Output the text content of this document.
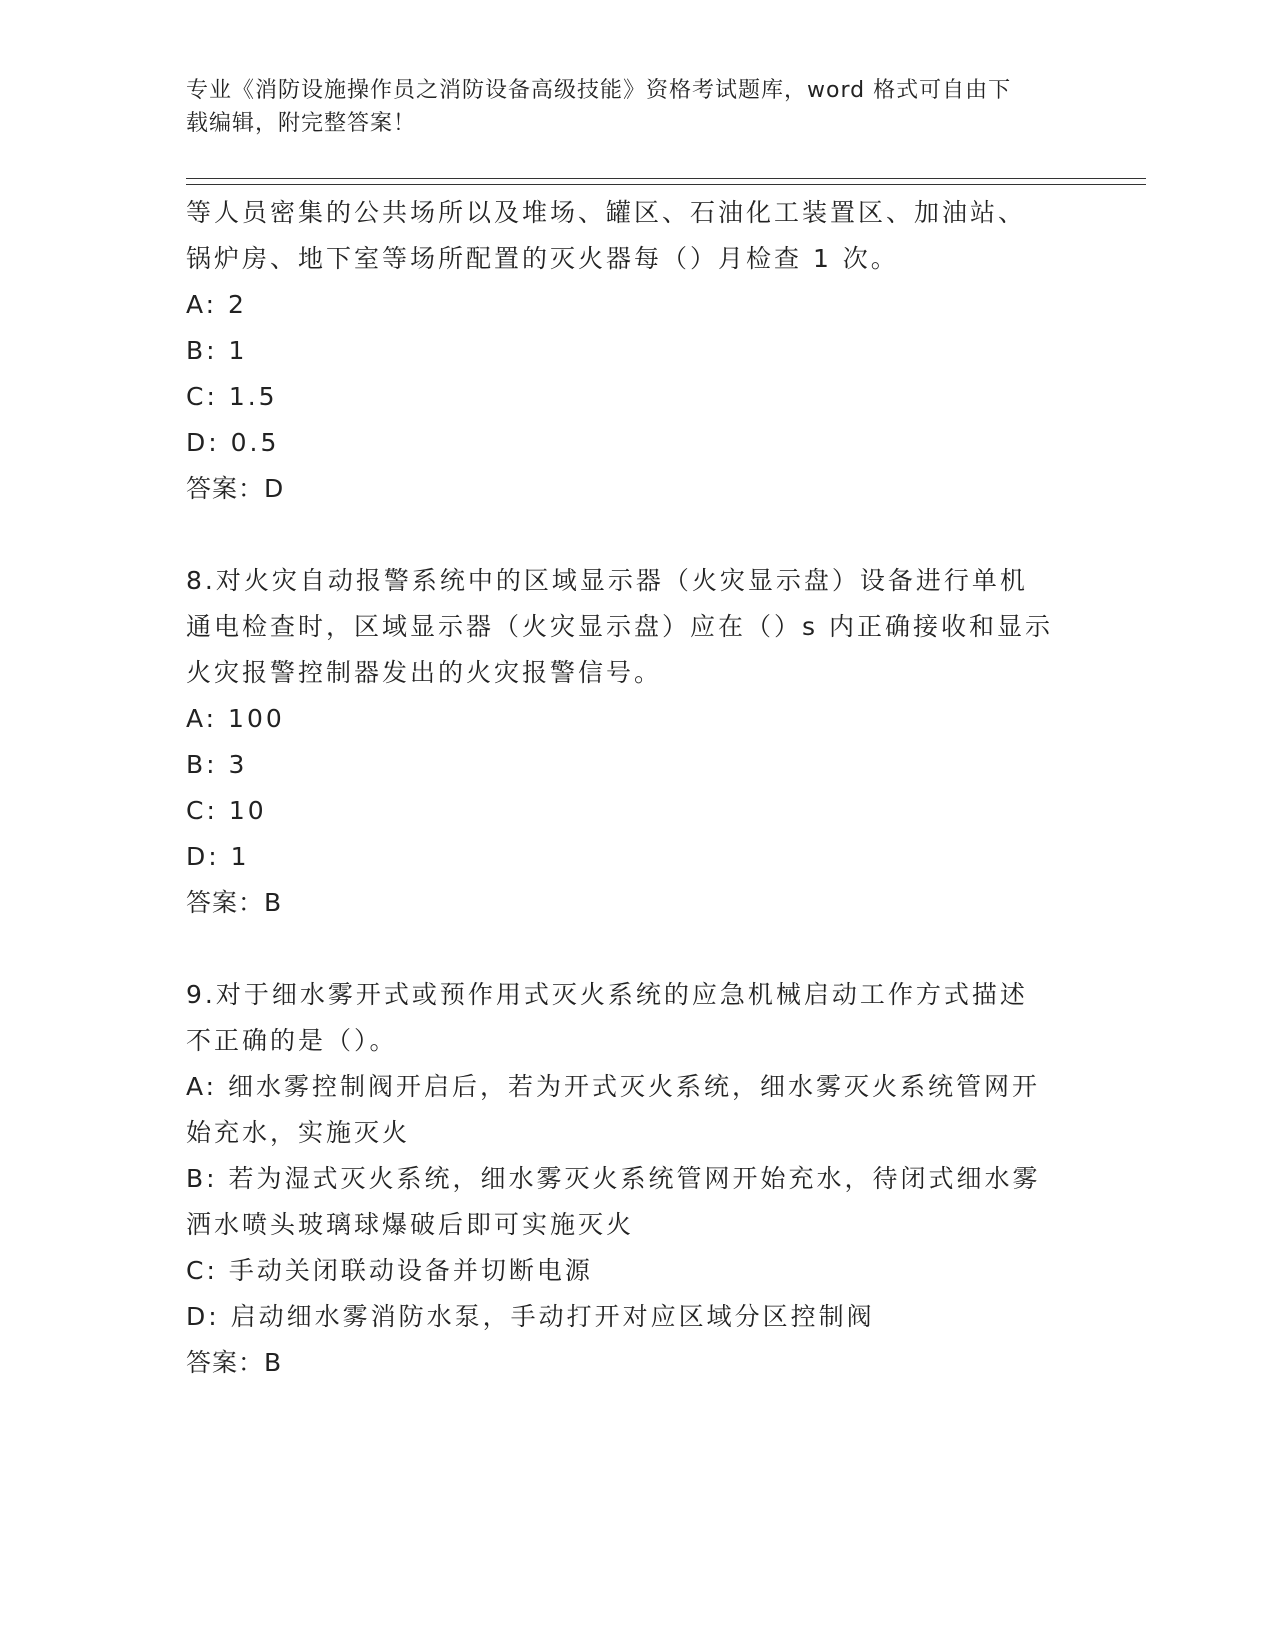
专业《消防设施操作员之消防设备高级技能》资格考试题库，word 格式可自由下
载编辑，附完整答案！
等人员密集的公共场所以及堆场、罐区、石油化工装置区、加油站、
锅炉房、地下室等场所配置的灭火器每（）月检查 1 次。
A: 2
B: 1
C: 1.5
D: 0.5
答案：D
8.对火灾自动报警系统中的区域显示器（火灾显示盘）设备进行单机
通电检查时，区域显示器（火灾显示盘）应在（）s 内正确接收和显示
火灾报警控制器发出的火灾报警信号。
A: 100
B: 3
C: 10
D: 1
答案：B
9.对于细水雾开式或预作用式灭火系统的应急机械启动工作方式描述
不正确的是（）。
A: 细水雾控制阀开启后，若为开式灭火系统，细水雾灭火系统管网开
始充水，实施灭火
B: 若为湿式灭火系统，细水雾灭火系统管网开始充水，待闭式细水雾
洒水喷头玻璃球爆破后即可实施灭火
C: 手动关闭联动设备并切断电源
D: 启动细水雾消防水泵，手动打开对应区域分区控制阀
答案：B
